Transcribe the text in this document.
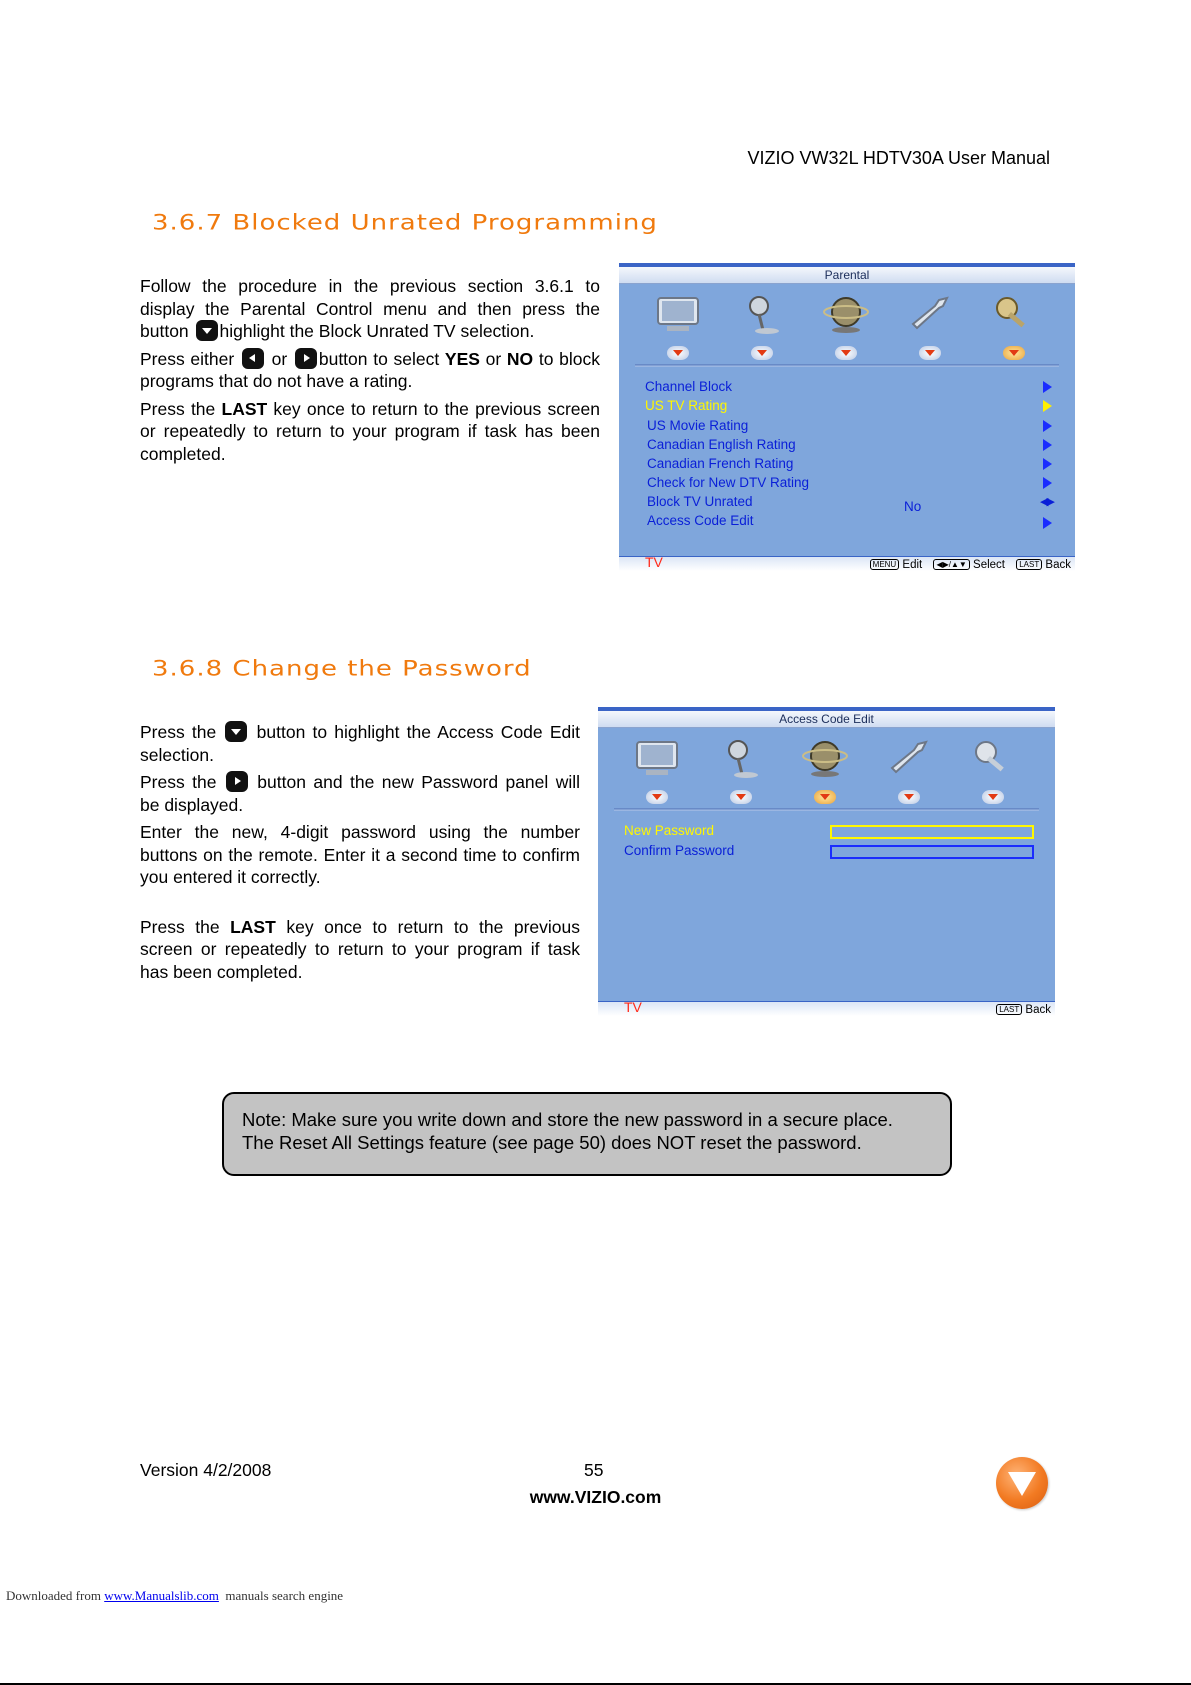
VIZIO VW32L HDTV30A User Manual
3.6.7 Blocked Unrated Programming

Follow the procedure in the previous section 3.6.1 to display the Parental Control menu and then press the button highlight the Block Unrated TV selection.

Press either  or button to select YES or NO to block programs that do not have a rating.

Press the LAST key once to return to the previous screen or repeatedly to return to your program if task has been completed.

Parental
Channel Block
US TV Rating
US Movie Rating
Canadian English Rating
Canadian French Rating
Check for New DTV Rating
Block TV Unrated	No	◀▶
Access Code Edit
TV	MENU Edit ◀▶/▲▼ Select LAST Back
3.6.8 Change the Password

Press the  button to highlight the Access Code Edit selection.

Press the  button and the new Password panel will be displayed.

Enter the new, 4-digit password using the number buttons on the remote. Enter it a second time to confirm you entered it correctly.

Press the LAST key once to return to the previous screen or repeatedly to return to your program if task has been completed.

Access Code Edit
New Password
Confirm Password
TV	LAST Back
Note: Make sure you write down and store the new password in a secure place.
The Reset All Settings feature (see page 50) does NOT reset the password.
Version 4/2/2008	55
www.VIZIO.com
Downloaded from www.Manualslib.com  manuals search engine
